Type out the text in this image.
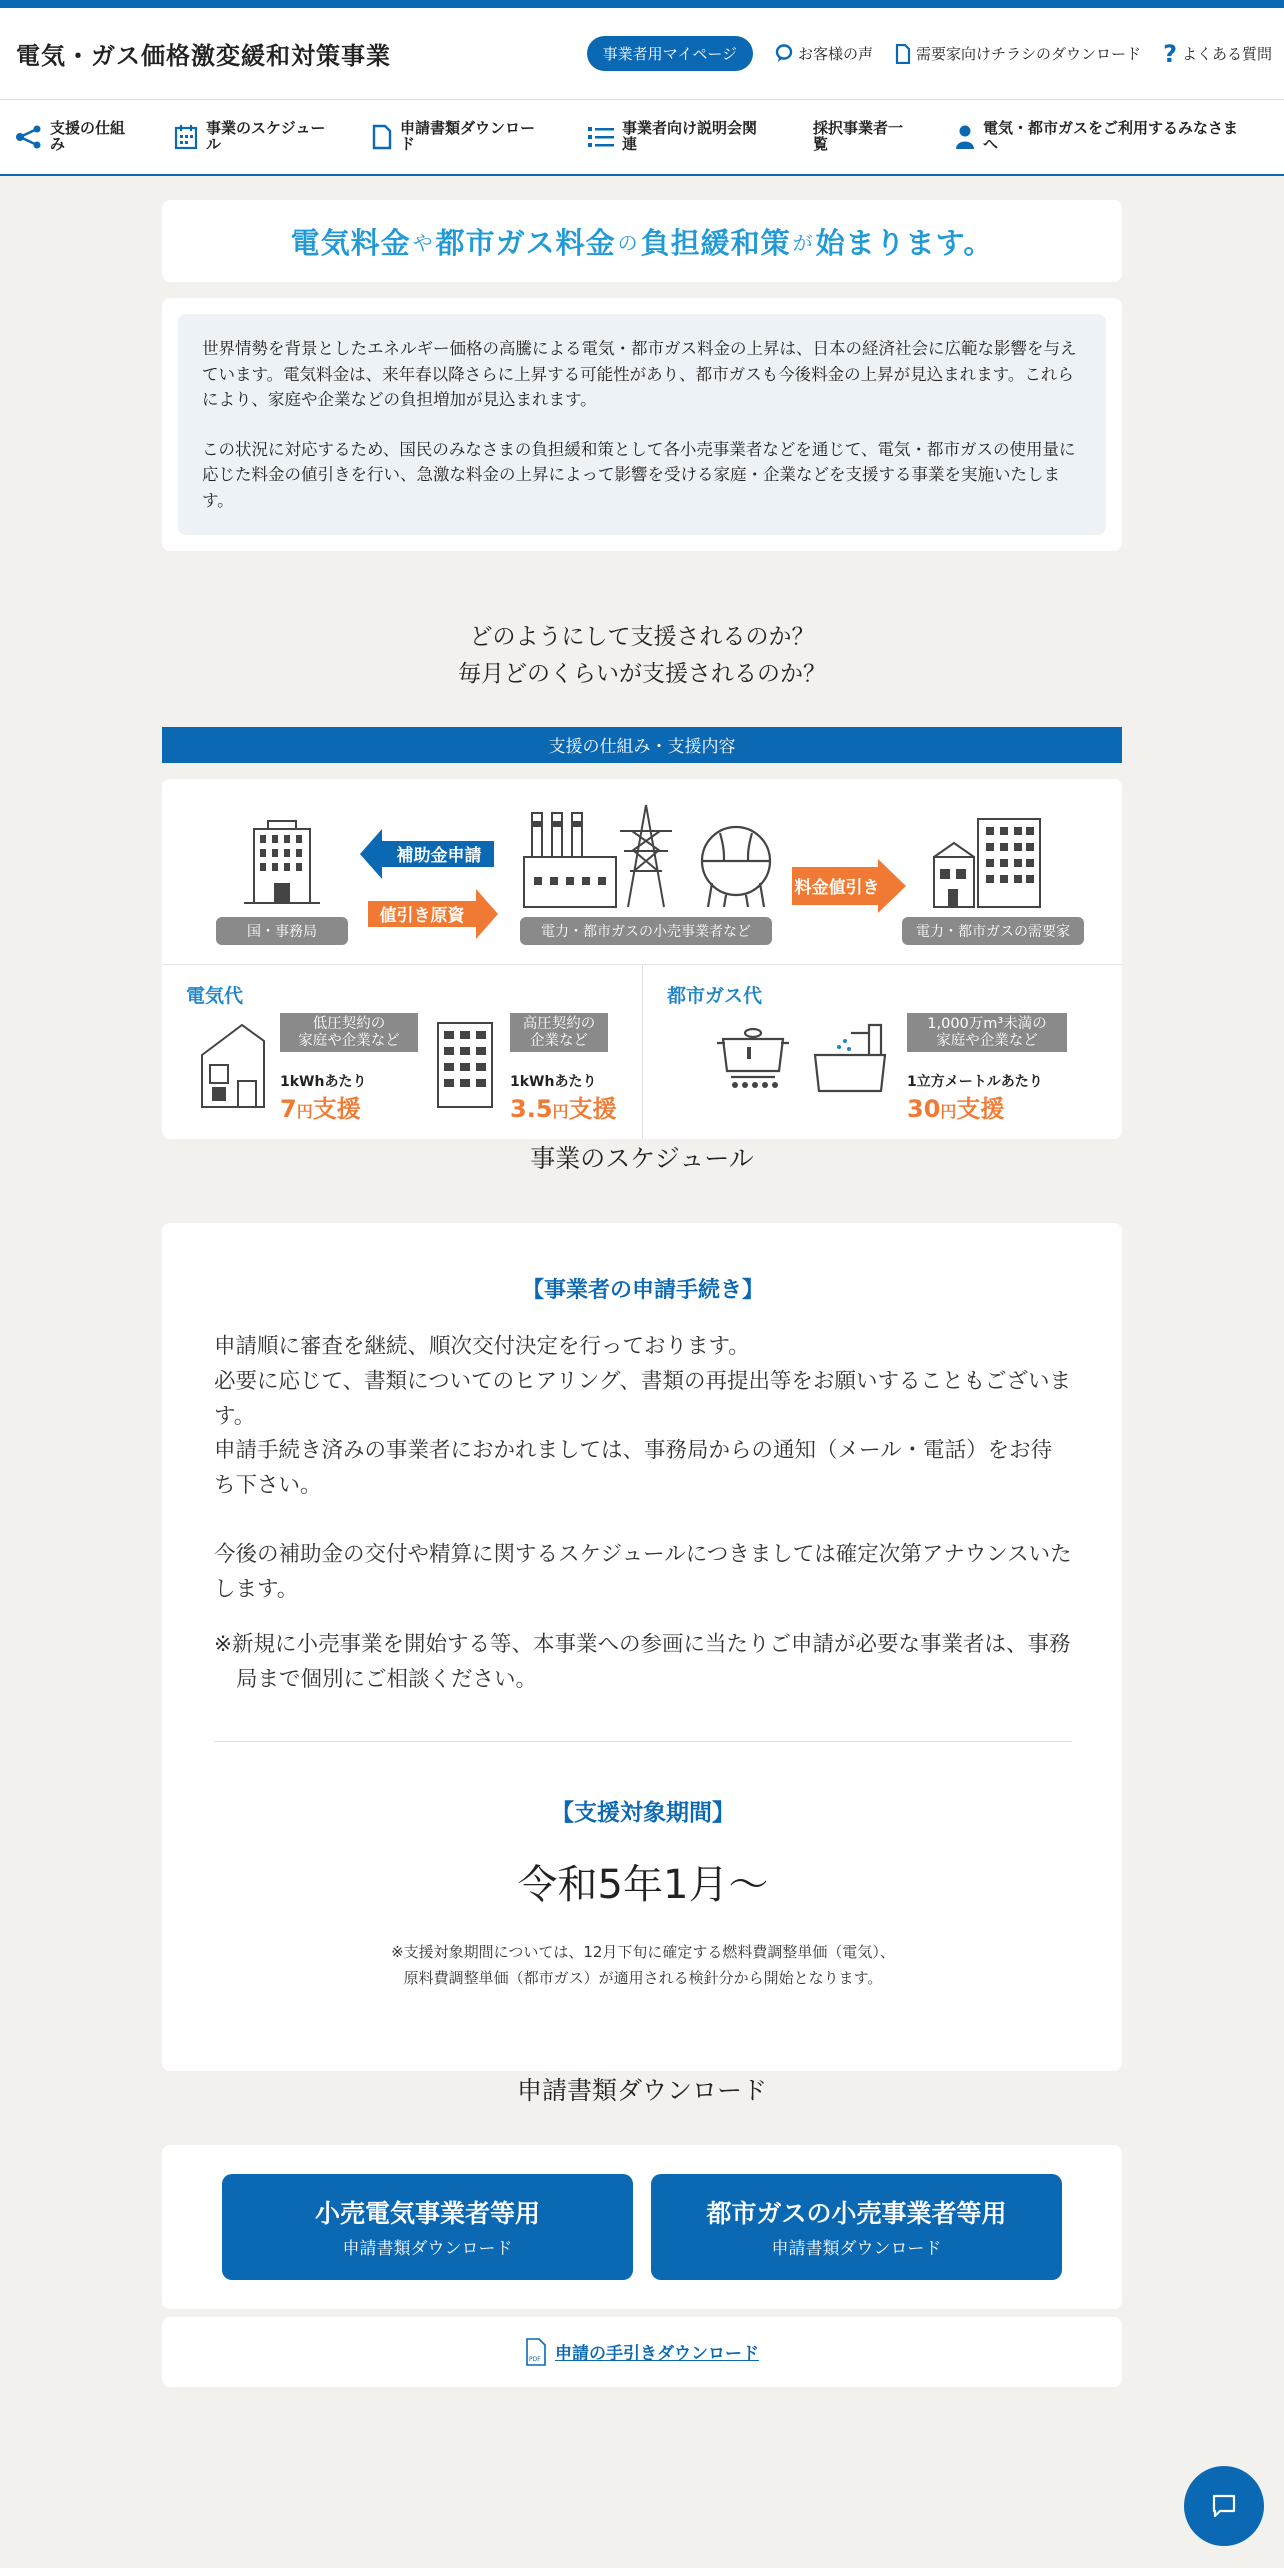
電気・ガス価格激変緩和対策事業	事業者用マイページ	お客様の声	需要家向けチラシのダウンロード ? よくある質問
支援の仕組
み
事業のスケジュー
ル
申請書類ダウンロー
ド
事業者向け説明会関
連
採択事業者一
覧
電気・都市ガスをご利用するみなさま
へ
電気料金 や 都市ガス料金 の 負担緩和策 が 始まります。

世界情勢を背景としたエネルギー価格の高騰による電気・都市ガス料金の上昇は、日本の経済社会に広範な影響を与えています。電気料金は、来年春以降さらに上昇する可能性があり、都市ガスも今後料金の上昇が見込まれます。これらにより、家庭や企業などの負担増加が見込まれます。

この状況に対応するため、国民のみなさまの負担緩和策として各小売事業者などを通じて、電気・都市ガスの使用量に応じた料金の値引きを行い、急激な料金の上昇によって影響を受ける家庭・企業などを支援する事業を実施いたします。

どのようにして支援されるのか？
毎月どのくらいが支援されるのか？
支援の仕組み・支援内容
国・事務局
補助金申請
値引き原資
電力・都市ガスの小売事業者など
料金値引き
電力・都市ガスの需要家
電気代
低圧契約の
家庭や企業など
1kWhあたり
7円支援
高圧契約の
企業など
1kWhあたり
3.5円支援
都市ガス代
1,000万m³未満の
家庭や企業など
1立方メートルあたり
30円支援
事業のスケジュール
【事業者の申請手続き】

申請順に審査を継続、順次交付決定を行っております。

必要に応じて、書類についてのヒアリング、書類の再提出等をお願いすることもございます。

申請手続き済みの事業者におかれましては、事務局からの通知（メール・電話）をお待ち下さい。

今後の補助金の交付や精算に関するスケジュールにつきましては確定次第アナウンスいたします。

※新規に小売事業を開始する等、本事業への参画に当たりご申請が必要な事業者は、事務局まで個別にご相談ください。

【支援対象期間】
令和5年1月〜
※支援対象期間については、12月下旬に確定する燃料費調整単価（電気）、
原料費調整単価（都市ガス）が適用される検針分から開始となります。
申請書類ダウンロード
小売電気事業者等用
申請書類ダウンロード
都市ガスの小売事業者等用
申請書類ダウンロード
PDF 申請の手引きダウンロード
